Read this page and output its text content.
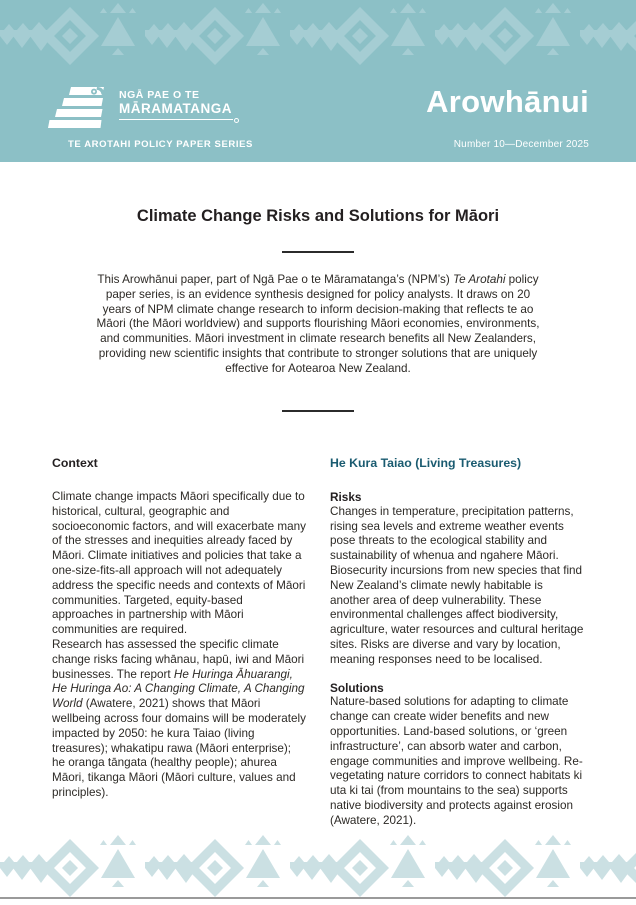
NGĀ PAE O TE
MĀRAMATANGA	Arowhānui
TE AROTAHI POLICY PAPER SERIES	Number 10—December 2025
Climate Change Risks and Solutions for Māori

This Arowhānui paper, part of Ngā Pae o te Māramatanga’s (NPM’s) Te Arotahi policy paper series, is an evidence synthesis designed for policy analysts. It draws on 20 years of NPM climate change research to inform decision-making that reflects te ao Māori (the Māori worldview) and supports flourishing Māori economies, environments, and communities. Māori investment in climate research benefits all New Zealanders, providing new scientific insights that contribute to stronger solutions that are uniquely effective for Aotearoa New Zealand.

Context

Climate change impacts Māori specifically due to historical, cultural, geographic and socioeconomic factors, and will exacerbate many of the stresses and inequities already faced by Māori. Climate initiatives and policies that take a one-size-fits-all approach will not adequately address the specific needs and contexts of Māori communities. Targeted, equity-based approaches in partnership with Māori communities are required.

Research has assessed the specific climate change risks facing whānau, hapū, iwi and Māori businesses. The report He Huringa Āhuarangi, He Huringa Ao: A Changing Climate, A Changing World (Awatere, 2021) shows that Māori wellbeing across four domains will be moderately impacted by 2050: he kura Taiao (living treasures); whakatipu rawa (Māori enterprise); he oranga tāngata (healthy people); ahurea Māori, tikanga Māori (Māori culture, values and principles).

He Kura Taiao (Living Treasures)
Risks

Changes in temperature, precipitation patterns, rising sea levels and extreme weather events pose threats to the ecological stability and sustainability of whenua and ngahere Māori. Biosecurity incursions from new species that find New Zealand’s climate newly habitable is another area of deep vulnerability. These environmental challenges affect biodiversity, agriculture, water resources and cultural heritage sites. Risks are diverse and vary by location, meaning responses need to be localised.

Solutions

Nature-based solutions for adapting to climate change can create wider benefits and new opportunities. Land-based solutions, or ‘green infrastructure’, can absorb water and carbon, engage communities and improve wellbeing. Re-vegetating nature corridors to connect habitats ki uta ki tai (from mountains to the sea) supports native biodiversity and protects against erosion (Awatere, 2021).
